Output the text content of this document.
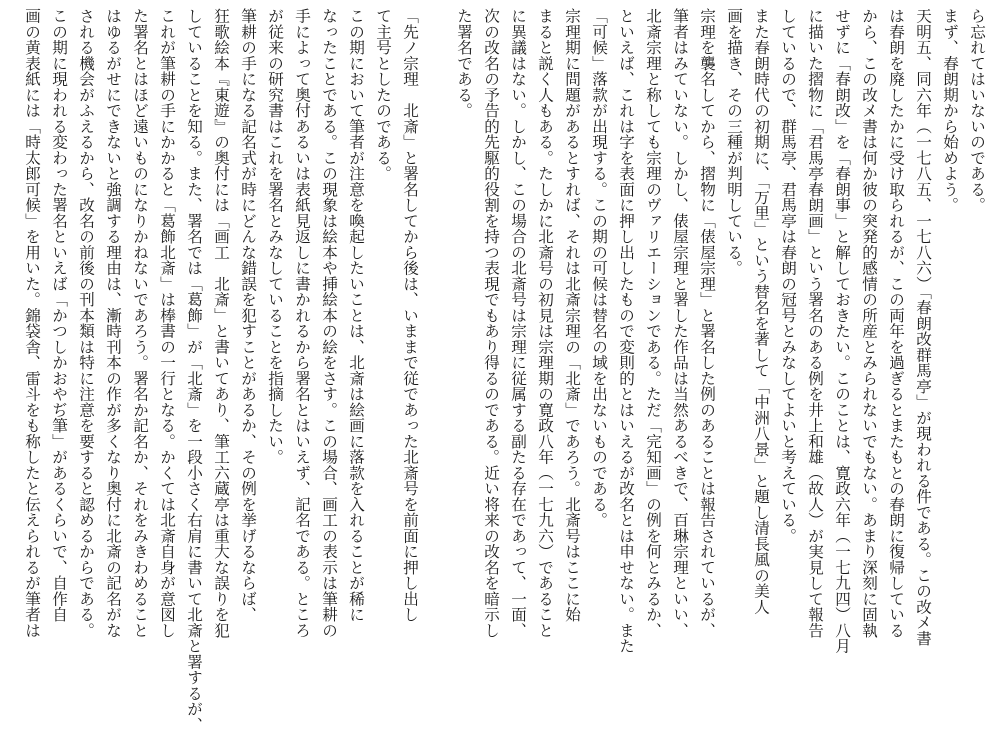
ら忘れてはいないのである。
まず、春朗期から始めよう。
天明五、同六年（一七八五、一七八六）「春朗改群馬亭」が現われる件である。この改メ書
は春朗を廃したかに受け取られるが、この両年を過ぎるとまたもとの春朗に復帰している
から、この改メ書は何か彼の突発的感情の所産とみられないでもない。あまり深刻に固執
せずに「春朗改」を「春朗事」と解しておきたい。このことは、寛政六年（一七九四）八月
に描いた摺物に「君馬亭春朗画」という署名のある例を井上和雄（故人）が実見して報告
しているので、群馬亭、君馬亭は春朗の冠号とみなしてよいと考えている。
また春朗時代の初期に、「万里」という替名を著して「中洲八景」と題し清長風の美人
画を描き、その三種が判明している。
宗理を襲名してから、摺物に「俵屋宗理」と署名した例のあることは報告されているが、
筆者はみていない。しかし、俵屋宗理と署した作品は当然あるべきで、百琳宗理といい、
北斎宗理と称しても宗理のヴァリエーションである。ただ「完知画」の例を何とみるか、
といえば、これは字を表面に押し出したもので変則的とはいえるが改名とは申せない。また
「可候」落款が出現する。この期の可候は替名の域を出ないものである。
宗理期に問題があるとすれば、それは北斎宗理の「北斎」であろう。北斎号はここに始
まると説く人もある。たしかに北斎号の初見は宗理期の寛政八年（一七九六）であること
に異議はない。しかし、この場合の北斎号は宗理に従属する副たる存在であって、一面、
次の改名の予告的先駆的役割を持つ表現でもあり得るのである。近い将来の改名を暗示し
た署名である。
「先ノ宗理　北斎」と署名してから後は、いままで従であった北斎号を前面に押し出し
て主号としたのである。
この期において筆者が注意を喚起したいことは、北斎は絵画に落款を入れることが稀に
なったことである。この現象は絵本や挿絵本の絵をさす。この場合、画工の表示は筆耕の
手によって奥付あるいは表紙見返しに書かれるから署名とはいえず、記名である。ところ
が従来の研究書はこれを署名とみなしていることを指摘したい。
筆耕の手になる記名式が時にどんな錯誤を犯すことがあるか、その例を挙げるならば、
狂歌絵本『東遊』の奥付には「画工　北斎」と書いてあり、筆工六蔵亭は重大な誤りを犯
していることを知る。また、署名では「葛飾」が「北斎」を一段小さく右肩に書いて北斎と署するが、
これが筆耕の手にかかると「葛飾北斎」は棒書の一行となる。かくては北斎自身が意図し
た署名とはほど遠いものになりかねないであろう。署名か記名か、それをみきわめること
はゆるがせにできないと強調する理由は、漸時刊本の作が多くなり奥付に北斎の記名がな
される機会がふえるから、改名の前後の刊本類は特に注意を要すると認めるからである。
この期に現われる変わった署名といえば「かつしかおやぢ筆」があるくらいで、自作自
画の黄表紙には「時太郎可候」を用いた。錦袋舎、雷斗をも称したと伝えられるが筆者は
